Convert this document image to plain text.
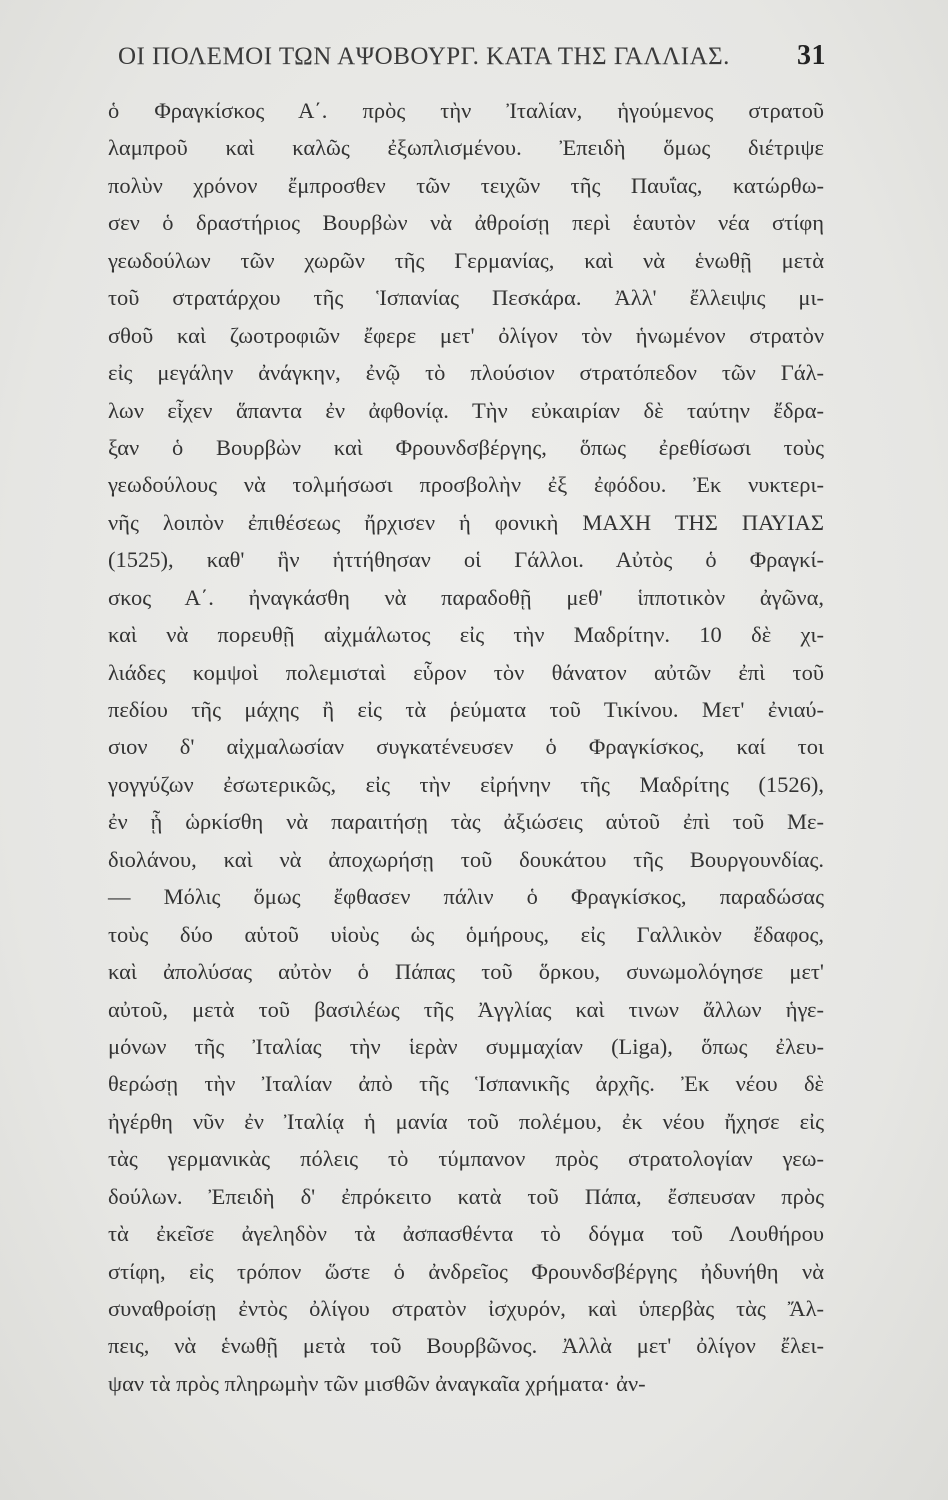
ΟΙ ΠΟΛΕΜΟΙ ΤΩΝ ΑΨΟΒΟΥΡΓ. ΚΑΤΑ ΤΗΣ ΓΑΛΛΙΑΣ. 31
ὁ Φραγκίσκος Α΄. πρὸς τὴν Ἰταλίαν, ἡγούμενος στρατοῦ
λαμπροῦ καὶ καλῶς ἐξωπλισμένου. Ἐπειδὴ ὅμως διέτριψε
πολὺν χρόνον ἔμπροσθεν τῶν τειχῶν τῆς Παυΐας, κατώρθω-
σεν ὁ δραστήριος Βουρβὼν νὰ ἀθροίσῃ περὶ ἑαυτὸν νέα στίφη
γεωδούλων τῶν χωρῶν τῆς Γερμανίας, καὶ νὰ ἑνωθῇ μετὰ
τοῦ στρατάρχου τῆς Ἱσπανίας Πεσκάρα. Ἀλλ' ἔλλειψις μι-
σθοῦ καὶ ζωοτροφιῶν ἔφερε μετ' ὀλίγον τὸν ἡνωμένον στρατὸν
εἰς μεγάλην ἀνάγκην, ἐνῷ τὸ πλούσιον στρατόπεδον τῶν Γάλ-
λων εἶχεν ἅπαντα ἐν ἀφθονίᾳ. Τὴν εὐκαιρίαν δὲ ταύτην ἔδρα-
ξαν ὁ Βουρβὼν καὶ Φρουνδσβέργης, ὅπως ἐρεθίσωσι τοὺς
γεωδούλους νὰ τολμήσωσι προσβολὴν ἐξ ἐφόδου. Ἐκ νυκτερι-
νῆς λοιπὸν ἐπιθέσεως ἤρχισεν ἡ φονικὴ ΜΑΧΗ ΤΗΣ ΠΑΥΙΑΣ
(1525), καθ' ἣν ἡττήθησαν οἱ Γάλλοι. Αὐτὸς ὁ Φραγκί-
σκος Α΄. ἠναγκάσθη νὰ παραδοθῇ μεθ' ἱπποτικὸν ἀγῶνα,
καὶ νὰ πορευθῇ αἰχμάλωτος εἰς τὴν Μαδρίτην. 10 δὲ χι-
λιάδες κομψοὶ πολεμισταὶ εὗρον τὸν θάνατον αὐτῶν ἐπὶ τοῦ
πεδίου τῆς μάχης ἢ εἰς τὰ ῥεύματα τοῦ Τικίνου. Μετ' ἐνιαύ-
σιον δ' αἰχμαλωσίαν συγκατένευσεν ὁ Φραγκίσκος, καί τοι
γογγύζων ἐσωτερικῶς, εἰς τὴν εἰρήνην τῆς Μαδρίτης (1526),
ἐν ᾗ ὡρκίσθη νὰ παραιτήσῃ τὰς ἀξιώσεις αὑτοῦ ἐπὶ τοῦ Με-
διολάνου, καὶ νὰ ἀποχωρήσῃ τοῦ δουκάτου τῆς Βουργουνδίας.
— Μόλις ὅμως ἔφθασεν πάλιν ὁ Φραγκίσκος, παραδώσας
τοὺς δύο αὑτοῦ υἱοὺς ὡς ὁμήρους, εἰς Γαλλικὸν ἔδαφος,
καὶ ἀπολύσας αὐτὸν ὁ Πάπας τοῦ ὅρκου, συνωμολόγησε μετ'
αὐτοῦ, μετὰ τοῦ βασιλέως τῆς Ἀγγλίας καὶ τινων ἄλλων ἡγε-
μόνων τῆς Ἰταλίας τὴν ἱερὰν συμμαχίαν (Liga), ὅπως ἐλευ-
θερώσῃ τὴν Ἰταλίαν ἀπὸ τῆς Ἱσπανικῆς ἀρχῆς. Ἐκ νέου δὲ
ἠγέρθη νῦν ἐν Ἰταλίᾳ ἡ μανία τοῦ πολέμου, ἐκ νέου ἤχησε εἰς
τὰς γερμανικὰς πόλεις τὸ τύμπανον πρὸς στρατολογίαν γεω-
δούλων. Ἐπειδὴ δ' ἐπρόκειτο κατὰ τοῦ Πάπα, ἔσπευσαν πρὸς
τὰ ἐκεῖσε ἀγεληδὸν τὰ ἀσπασθέντα τὸ δόγμα τοῦ Λουθήρου
στίφη, εἰς τρόπον ὥστε ὁ ἀνδρεῖος Φρουνδσβέργης ἠδυνήθη νὰ
συναθροίσῃ ἐντὸς ὀλίγου στρατὸν ἰσχυρόν, καὶ ὑπερβὰς τὰς Ἄλ-
πεις, νὰ ἑνωθῇ μετὰ τοῦ Βουρβῶνος. Ἀλλὰ μετ' ὀλίγον ἔλει-
ψαν τὰ πρὸς πληρωμὴν τῶν μισθῶν ἀναγκαῖα χρήματα· ἀν-
